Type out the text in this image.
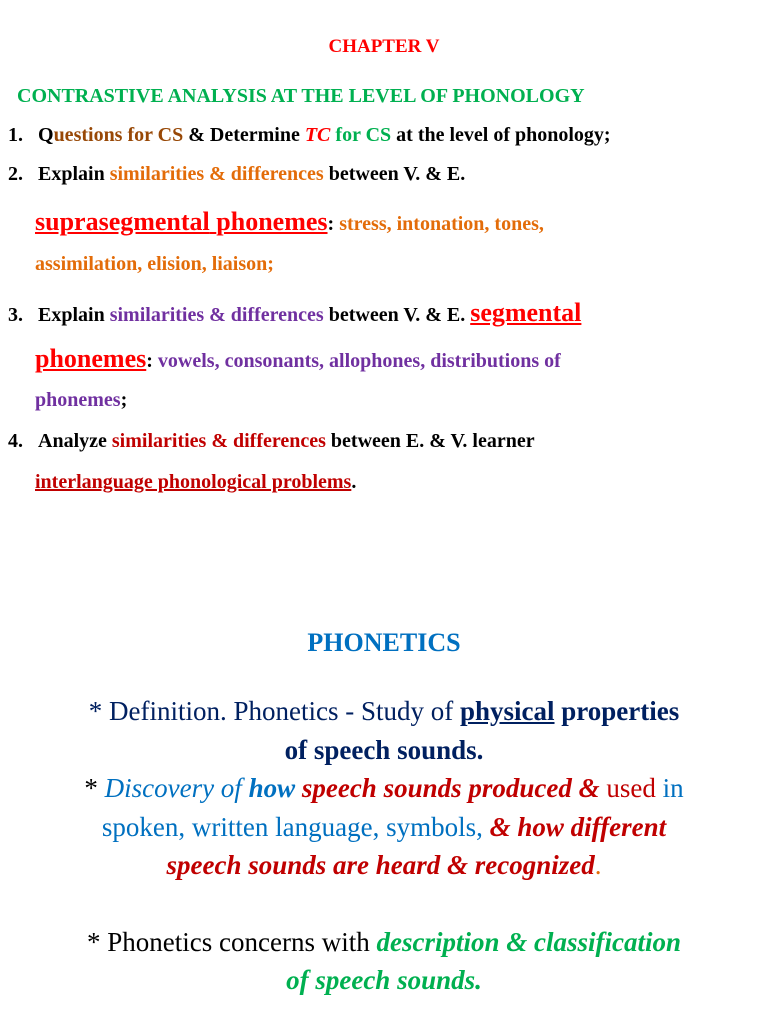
CHAPTER V
CONTRASTIVE ANALYSIS AT THE LEVEL OF PHONOLOGY
1. Questions for CS & Determine TC for CS at the level of phonology;
2. Explain similarities & differences between V. & E.
suprasegmental phonemes: stress, intonation, tones,
assimilation, elision, liaison;
3. Explain similarities & differences between V. & E. segmental
phonemes: vowels, consonants, allophones, distributions of
phonemes;
4. Analyze similarities & differences between E. & V. learner
interlanguage phonological problems.
PHONETICS
* Definition. Phonetics - Study of physical properties
of speech sounds.
* Discovery of how speech sounds produced & used in
spoken, written language, symbols, & how different
speech sounds are heard & recognized.
* Phonetics concerns with description & classification
of speech sounds.
